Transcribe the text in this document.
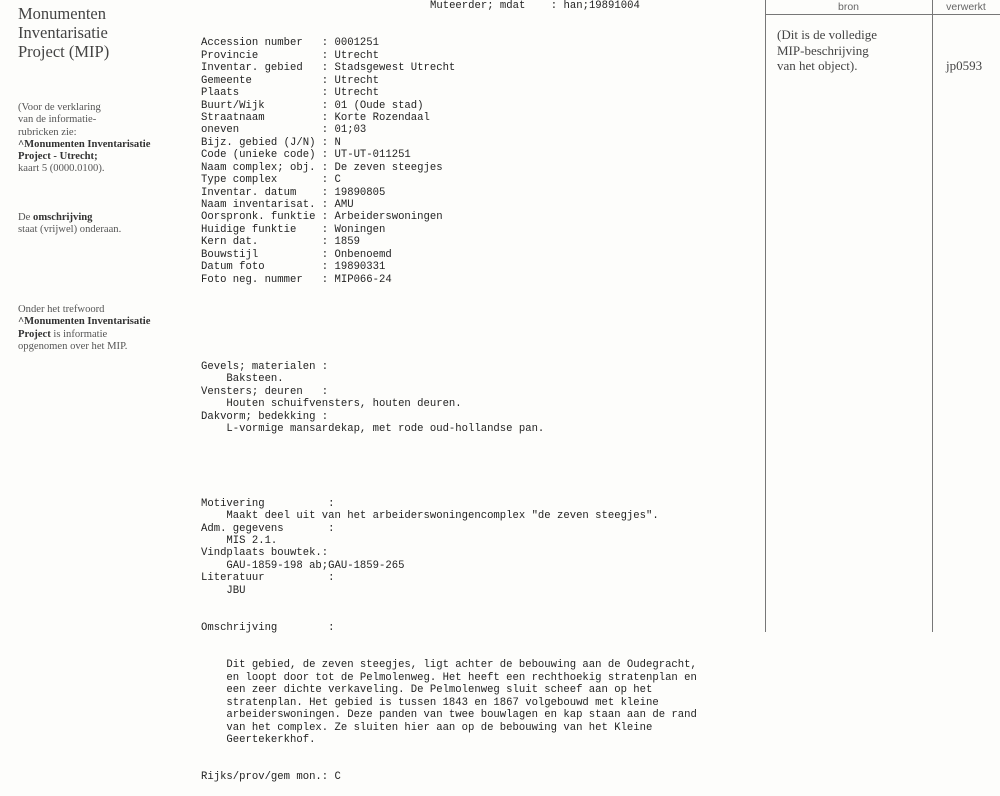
Monumenten
Inventarisatie
Project (MIP)
(Voor de verklaring
van de informatie-
rubricken zie:
^Monumenten Inventarisatie
Project - Utrecht;
kaart 5 (0000.0100).
De omschrijving
staat (vrijwel) onderaan.
Onder het trefwoord
^Monumenten Inventarisatie
Project is informatie
opgenomen over het MIP.

Muteerder; mdat    : han;19891004

Accession number : 0001251
Provincie	: Utrecht
Inventar. gebied : Stadsgewest Utrecht
Gemeente	: Utrecht
Plaats	: Utrecht
Buurt/Wijk	: 01 (Oude stad)
Straatnaam	: Korte Rozendaal
oneven	: 01;03
Bijz. gebied (J/N) : N
Code (unieke code) : UT-UT-011251
Naam complex; obj. : De zeven steegjes
Type complex	: C
Inventar. datum : 19890805
Naam inventarisat. : AMU
Oorspronk. funktie : Arbeiderswoningen
Huidige funktie : Woningen
Kern dat.	: 1859
Bouwstijl	: Onbenoemd
Datum foto	: 19890331
Foto neg. nummer : MIP066-24

Gevels; materialen :
Baksteen.
Vensters; deuren   :
Houten schuifvensters, houten deuren.
Dakvorm; bedekking :
L-vormige mansardekap, met rode oud-hollandse pan.

Motivering          :
Maakt deel uit van het arbeiderswoningencomplex "de zeven steegjes".
Adm. gegevens       :
MIS 2.1.
Vindplaats bouwtek.:
GAU-1859-198 ab;GAU-1859-265
Literatuur          :
JBU

Omschrijving        :

Dit gebied, de zeven steegjes, ligt achter de bebouwing aan de Oudegracht,
en loopt door tot de Pelmolenweg. Het heeft een rechthoekig stratenplan en
een zeer dichte verkaveling. De Pelmolenweg sluit scheef aan op het
stratenplan. Het gebied is tussen 1843 en 1867 volgebouwd met kleine
arbeiderswoningen. Deze panden van twee bouwlagen en kap staan aan de rand
van het complex. Ze sluiten hier aan op de bebouwing van het Kleine
Geertekerkhof.

Rijks/prov/gem mon.: C

bron	verwerkt
(Dit is de volledige
MIP-beschrijving
van het object).	jp0593
